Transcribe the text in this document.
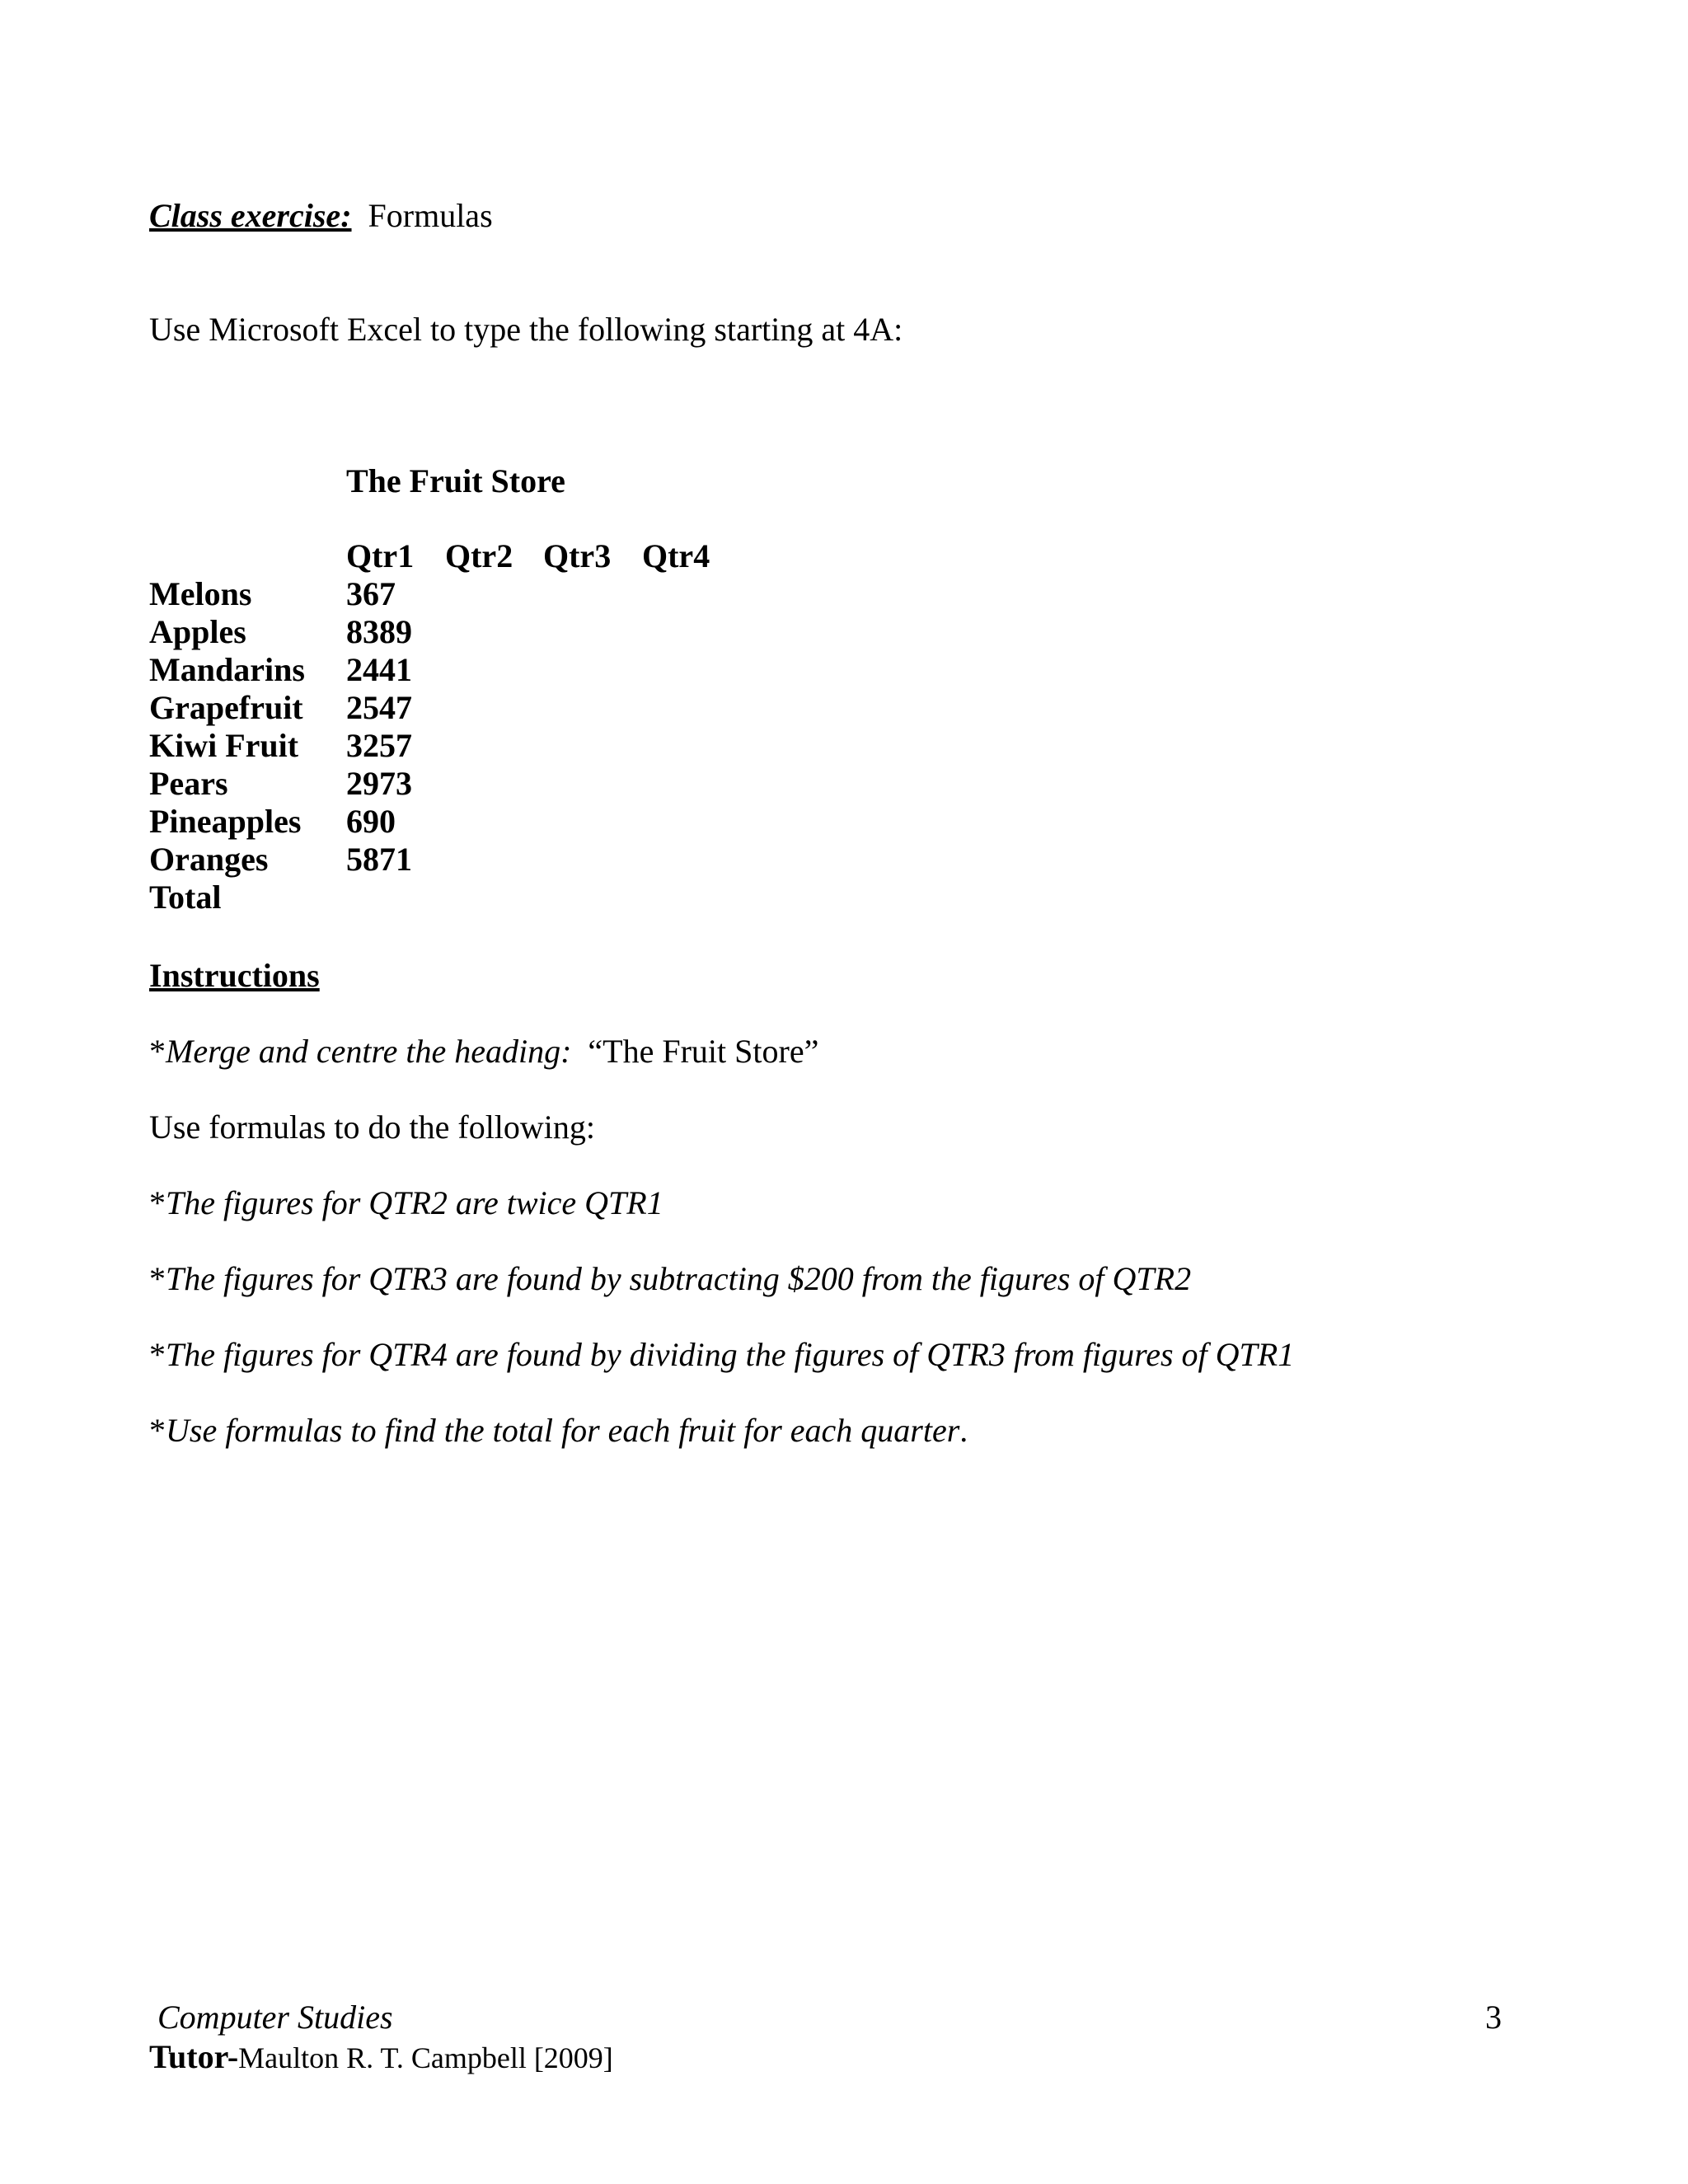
Class exercise: Formulas
Use Microsoft Excel to type the following starting at 4A:
The Fruit Store
Qtr1 Qtr2 Qtr3 Qtr4
Melons	367
Apples	8389
Mandarins 2441
Grapefruit 2547
Kiwi Fruit 3257
Pears	2973
Pineapples 690
Oranges 5871
Total
Instructions
*Merge and centre the heading: “The Fruit Store”
Use formulas to do the following:
*The figures for QTR2 are twice QTR1
*The figures for QTR3 are found by subtracting $200 from the figures of QTR2
*The figures for QTR4 are found by dividing the figures of QTR3 from figures of QTR1
*Use formulas to find the total for each fruit for each quarter.
Computer Studies	3
Tutor-Maulton R. T. Campbell [2009]
